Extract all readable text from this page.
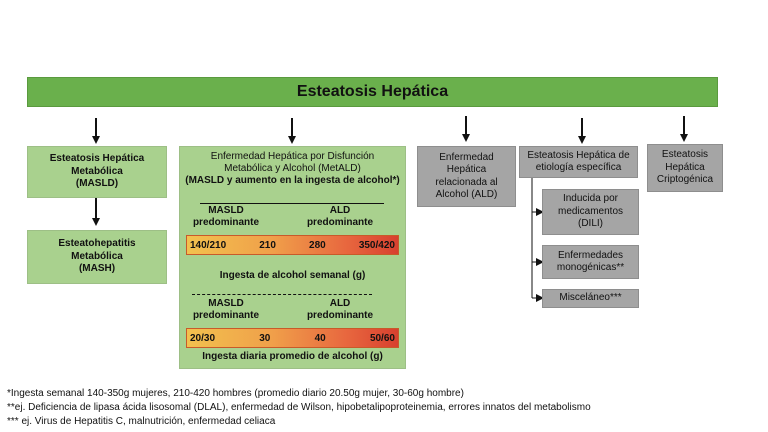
Esteatosis Hepática
Esteatosis Hepática
Metabólica
(MASLD)
Esteatohepatitis
Metabólica
(MASH)
Enfermedad Hepática por Disfunción
Metabólica y Alcohol (MetALD)
(MASLD y aumento en la ingesta de alcohol*)
MASLD
predominante
ALD
predominante
140/210	210	280	350/420
Ingesta de alcohol semanal (g)
MASLD
predominante
ALD
predominante
20/30	30	40	50/60
Ingesta diaria promedio de alcohol (g)
Enfermedad
Hepática
relacionada al
Alcohol (ALD)
Esteatosis Hepática de
etiología específica
Inducida por
medicamentos
(DILI)
Enfermedades
monogénicas**
Misceláneo***
Esteatosis
Hepática
Criptogénica
*Ingesta semanal 140-350g mujeres, 210-420 hombres (promedio diario 20.50g mujer, 30-60g hombre)
**ej. Deficiencia de lipasa ácida lisosomal (DLAL), enfermedad de Wilson, hipobetalipoproteinemia, errores innatos del metabolismo
*** ej. Virus de Hepatitis C, malnutrición, enfermedad celiaca
